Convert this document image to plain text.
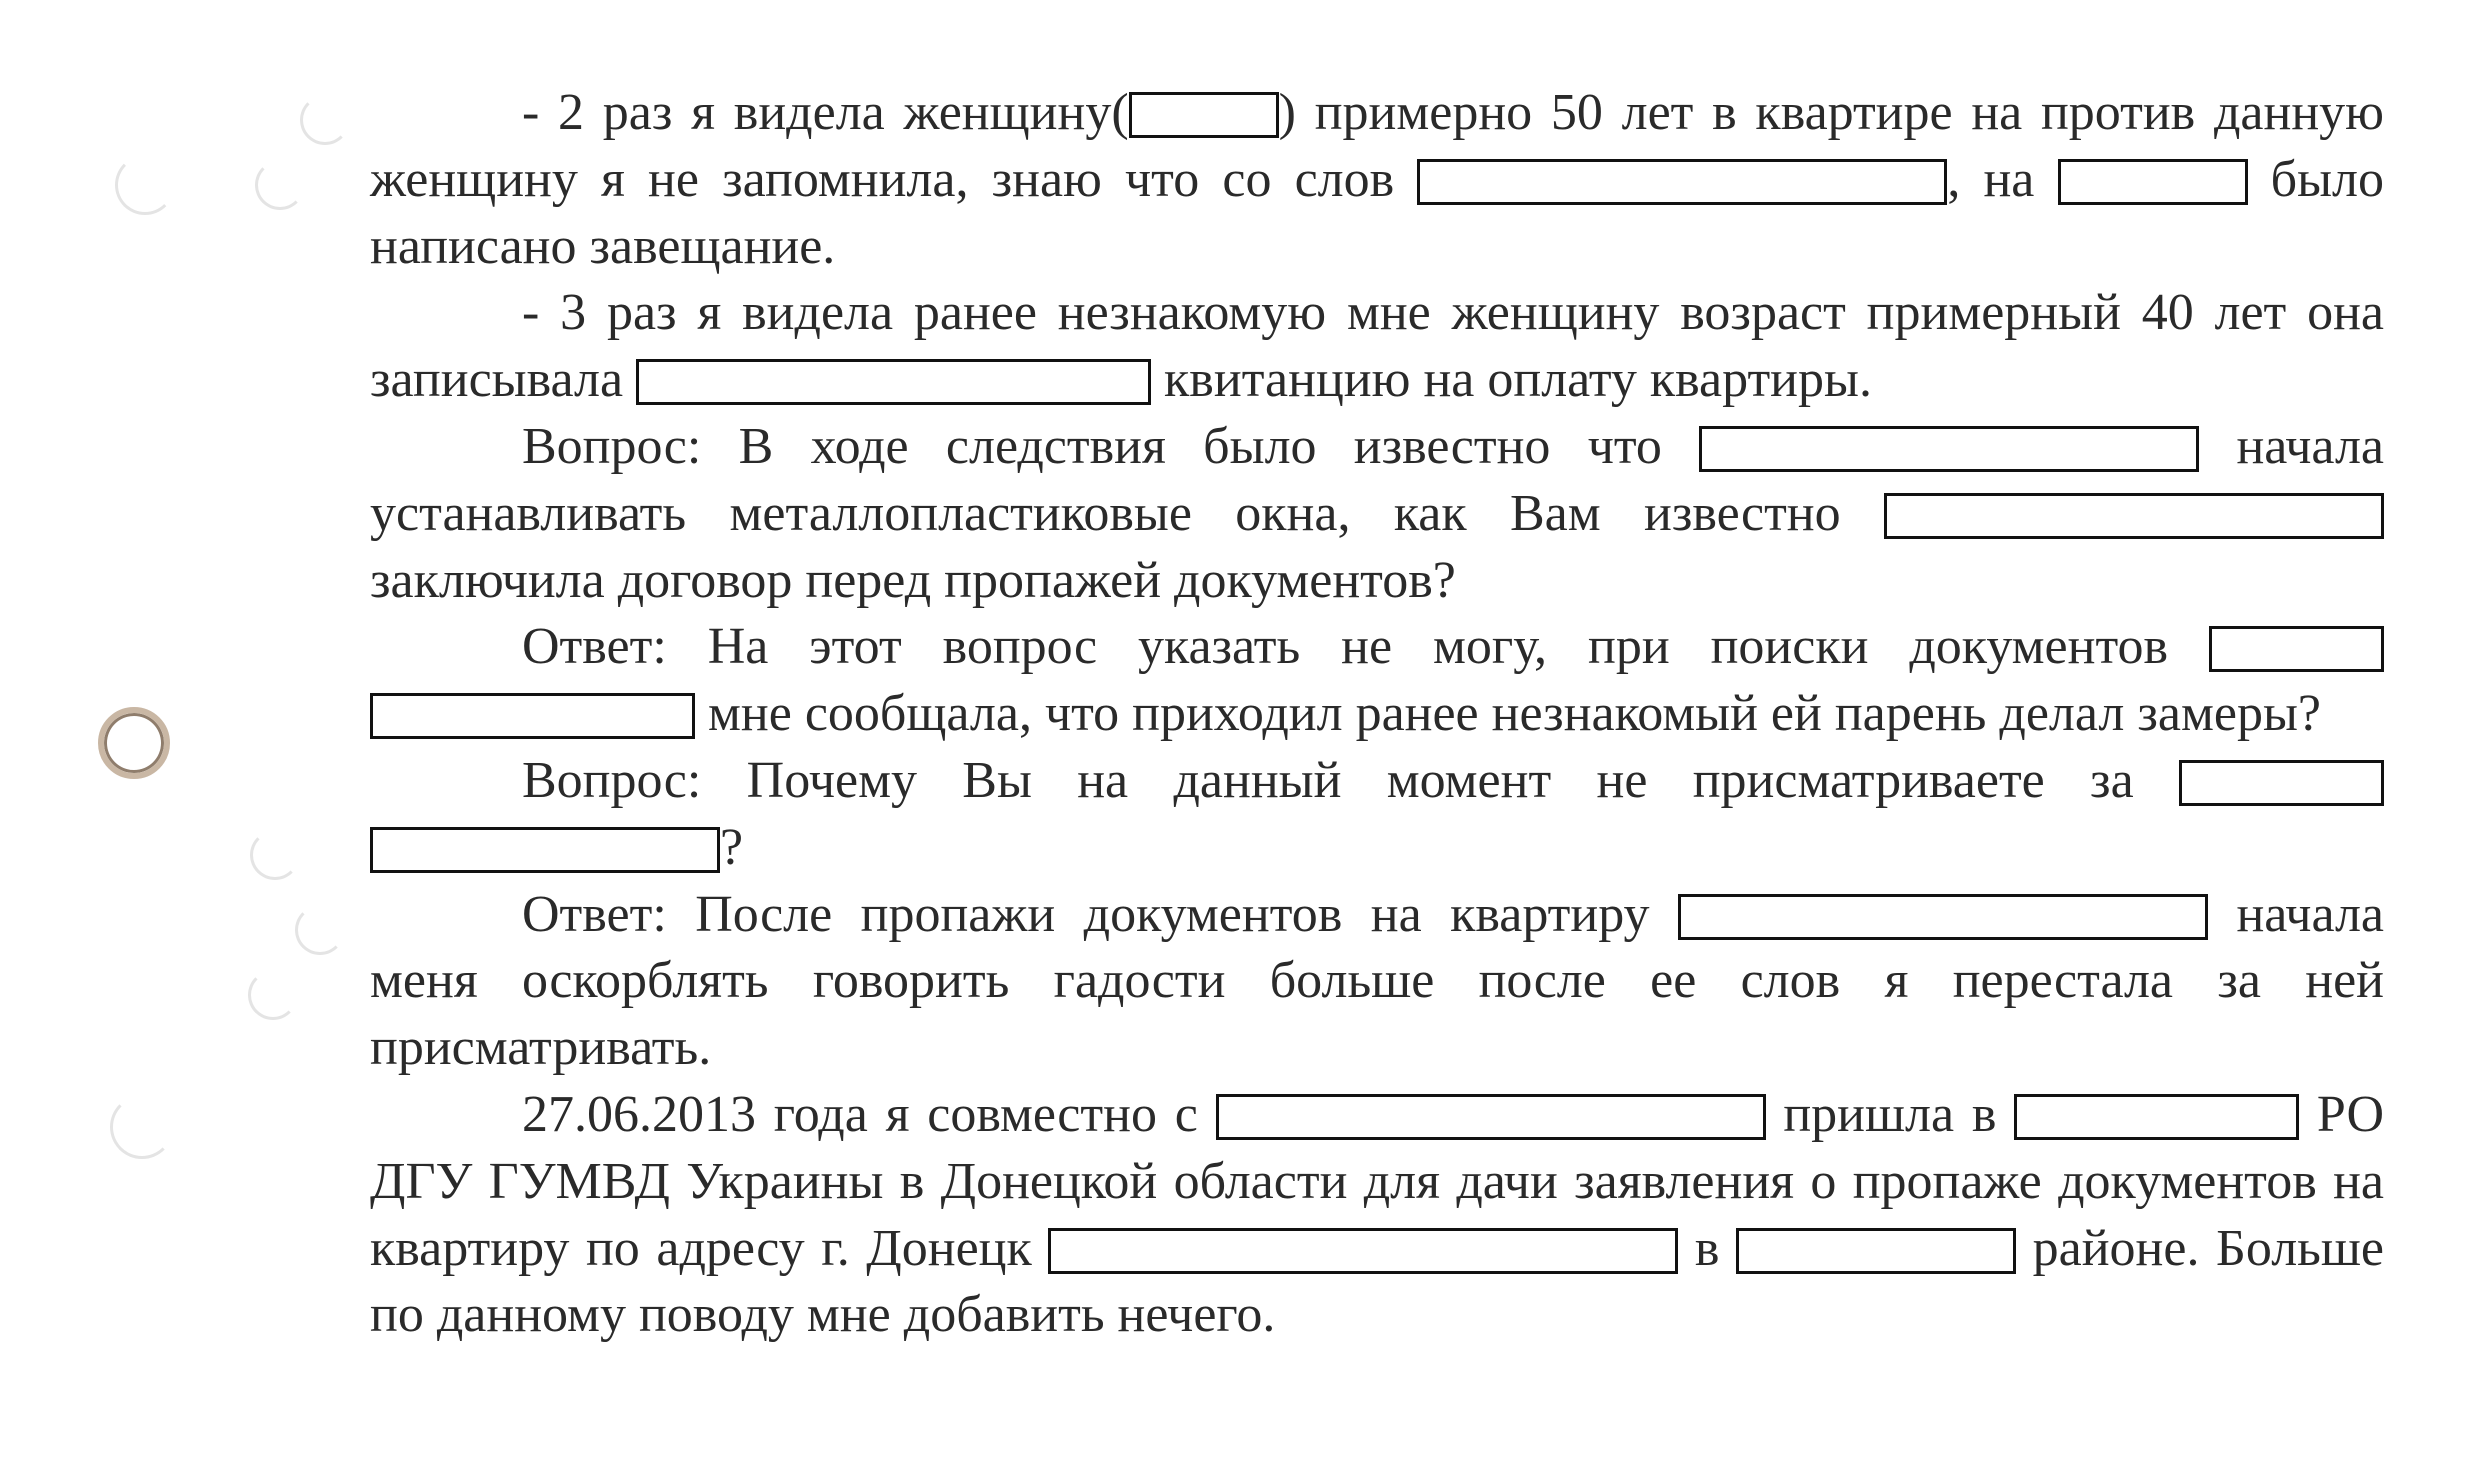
- 2 раз я видела женщину(	) примерно 50 лет в квартире на против данную женщину я не запомнила, знаю что со слов	, на	было написано завещание.

- 3 раз я видела ранее незнакомую мне женщину возраст примерный 40 лет она записывала	квитанцию на оплату квартиры.

Вопрос: В ходе следствия было известно что	начала устанавливать металлопластиковые окна, как Вам известно  заключила договор перед пропажей документов?

Ответ: На этот вопрос указать не могу, при поиски документов   мне сообщала, что приходил ранее незнакомый ей парень делал замеры?

Вопрос: Почему Вы на данный момент не присматриваете за  ?

Ответ: После пропажи документов на квартиру	начала меня оскорблять говорить гадости больше после ее слов я перестала за ней присматривать.

27.06.2013 года я совместно с	пришла в	РО ДГУ ГУМВД Украины в Донецкой области для дачи заявления о пропаже документов на квартиру по адресу г. Донецк	в	районе. Больше по данному поводу мне добавить нечего.
